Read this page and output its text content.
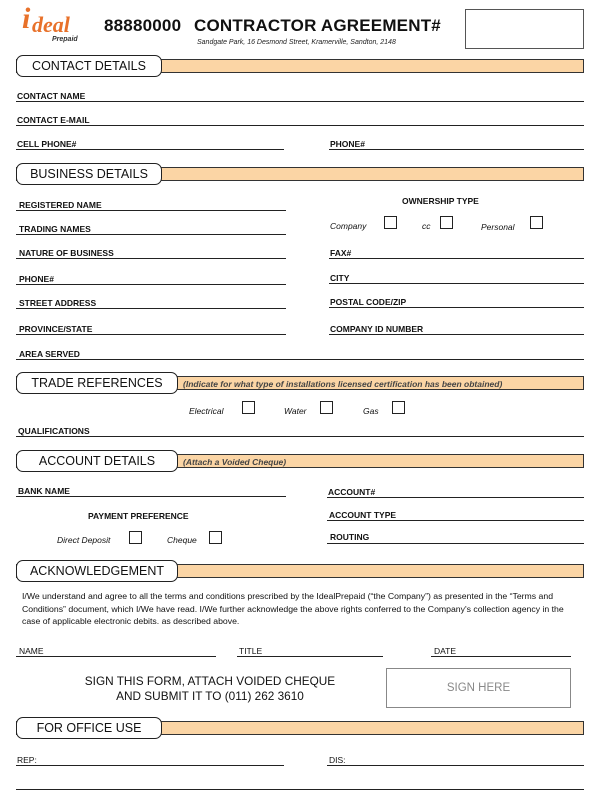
i deal
Prepaid
88880000 CONTRACTOR AGREEMENT#
Sandgate Park, 16 Desmond Street, Kramerville, Sandton, 2148
CONTACT DETAILS
CONTACT NAME
CONTACT E-MAIL
CELL PHONE#	PHONE#
BUSINESS DETAILS
OWNERSHIP TYPE
REGISTERED NAME
TRADING NAMES	Company	cc	Personal
NATURE OF BUSINESS	FAX#
PHONE#	CITY
STREET ADDRESS	POSTAL CODE/ZIP
PROVINCE/STATE	COMPANY ID NUMBER
AREA SERVED
TRADE REFERENCES	(Indicate for what type of installations licensed certification has been obtained)
Electrical	Water	Gas
QUALIFICATIONS
ACCOUNT DETAILS	(Attach a Voided Cheque)
BANK NAME	ACCOUNT#
PAYMENT PREFERENCE	ACCOUNT TYPE
Direct Deposit	Cheque	ROUTING
ACKNOWLEDGEMENT
I/We understand and agree to all the terms and conditions prescribed by the IdealPrepaid (“the Company”) as presented in the “Terms and Conditions” document, which I/We have read. I/We further acknowledge the above rights conferred to the Company's collection agency in the case of applicable electronic debits. as described above.
NAME	TITLE	DATE
SIGN THIS FORM, ATTACH VOIDED CHEQUE
AND SUBMIT IT TO (011) 262 3610
SIGN HERE
FOR OFFICE USE
REP:	DIS:
